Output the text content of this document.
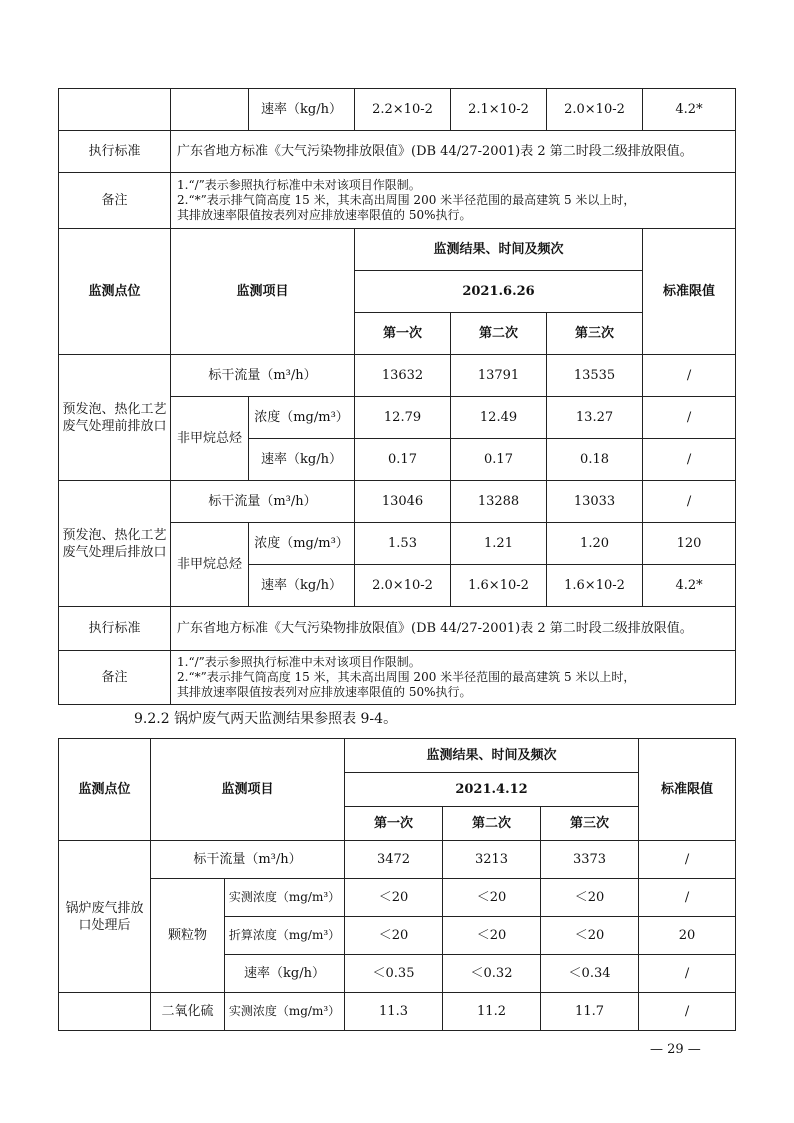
		速率（kg/h）	2.2×10-2	2.1×10-2	2.0×10-2	4.2*
执行标准	广东省地方标准《大气污染物排放限值》(DB 44/27-2001)表 2 第二时段二级排放限值。					
备注	1.“/”表示参照执行标准中未对该项目作限制。
2.“*”表示排气筒高度 15 米，其未高出周围 200 米半径范围的最高建筑 5 米以上时，
其排放速率限值按表列对应排放速率限值的 50%执行。					
监测点位	监测项目		监测结果、时间及频次			标准限值
			2021.6.26			
			第一次	第二次	第三次	
预发泡、热化工艺废气处理前排放口	标干流量（m³/h）		13632	13791	13535	/
	非甲烷总烃	浓度（mg/m³）	12.79	12.49	13.27	/
		速率（kg/h）	0.17	0.17	0.18	/
预发泡、热化工艺废气处理后排放口	标干流量（m³/h）		13046	13288	13033	/
	非甲烷总烃	浓度（mg/m³）	1.53	1.21	1.20	120
		速率（kg/h）	2.0×10-2	1.6×10-2	1.6×10-2	4.2*
执行标准	广东省地方标准《大气污染物排放限值》(DB 44/27-2001)表 2 第二时段二级排放限值。					
备注	1.“/”表示参照执行标准中未对该项目作限制。
2.“*”表示排气筒高度 15 米，其未高出周围 200 米半径范围的最高建筑 5 米以上时，
其排放速率限值按表列对应排放速率限值的 50%执行。					
9.2.2 锅炉废气两天监测结果参照表 9-4。
监测点位	监测项目		监测结果、时间及频次			标准限值
			2021.4.12			
			第一次	第二次	第三次	
锅炉废气排放口处理后	标干流量（m³/h）		3472	3213	3373	/
	颗粒物	实测浓度（mg/m³）	＜20	＜20	＜20	/
		折算浓度（mg/m³）	＜20	＜20	＜20	20
		速率（kg/h）	＜0.35	＜0.32	＜0.34	/
	二氧化硫	实测浓度（mg/m³）	11.3	11.2	11.7	/
— 29 —
